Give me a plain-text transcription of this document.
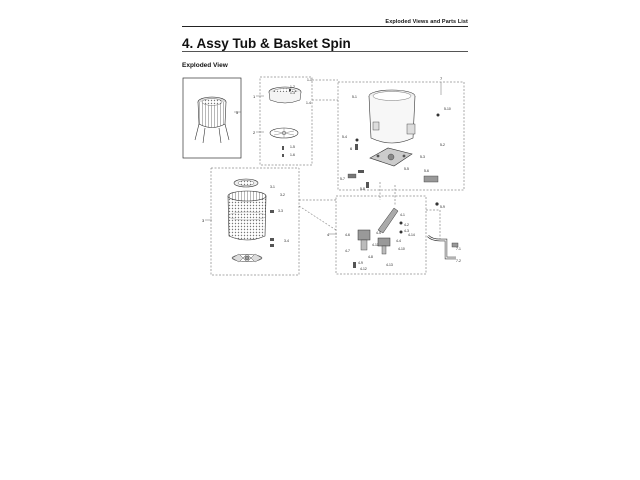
Exploded Views and Parts List
4. Assy Tub & Basket Spin
Exploded View
5
1
2
3
4
7
6
1-1
1-2
1-3
1-4
1-5
1-6
3-1
3-2
3-3
3-4
5-1
5-2
5-3
5-4
5-5	5-6
5-7
5-8
5-9
5-10
4-1
4-2
4-3
4-4
4-5
4-6
4-7
4-8
4-9
4-10
4-11
4-12
4-13
4-14
7-1
7-2
